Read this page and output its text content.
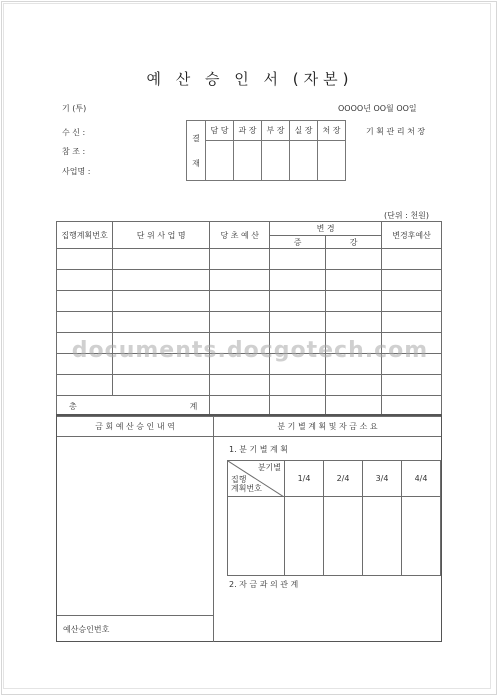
예 산 승 인 서 (자본)
기 (투)	OOOO년 OO월 OO일
수 신 :
참 조 :
사업명 :
결
재	담 당	과 장	부 장	실 장	처 장
					기 획 관 리 처 장
(단위 : 천원)
집행계획번호	단 위 사 업 명	당 초 예 산	변 경		변경후예산
			증	강	

총 계					

금 회 예 산 승 인 내 역	분 기 별 계 획 및 자 금 소 요
예산승인번호
1. 분 기 별 계 획
분기별
집행
계획번호	1/4	2/4	3/4	4/4

2. 자 금 과 의 관 계
documents.docgotech.com
